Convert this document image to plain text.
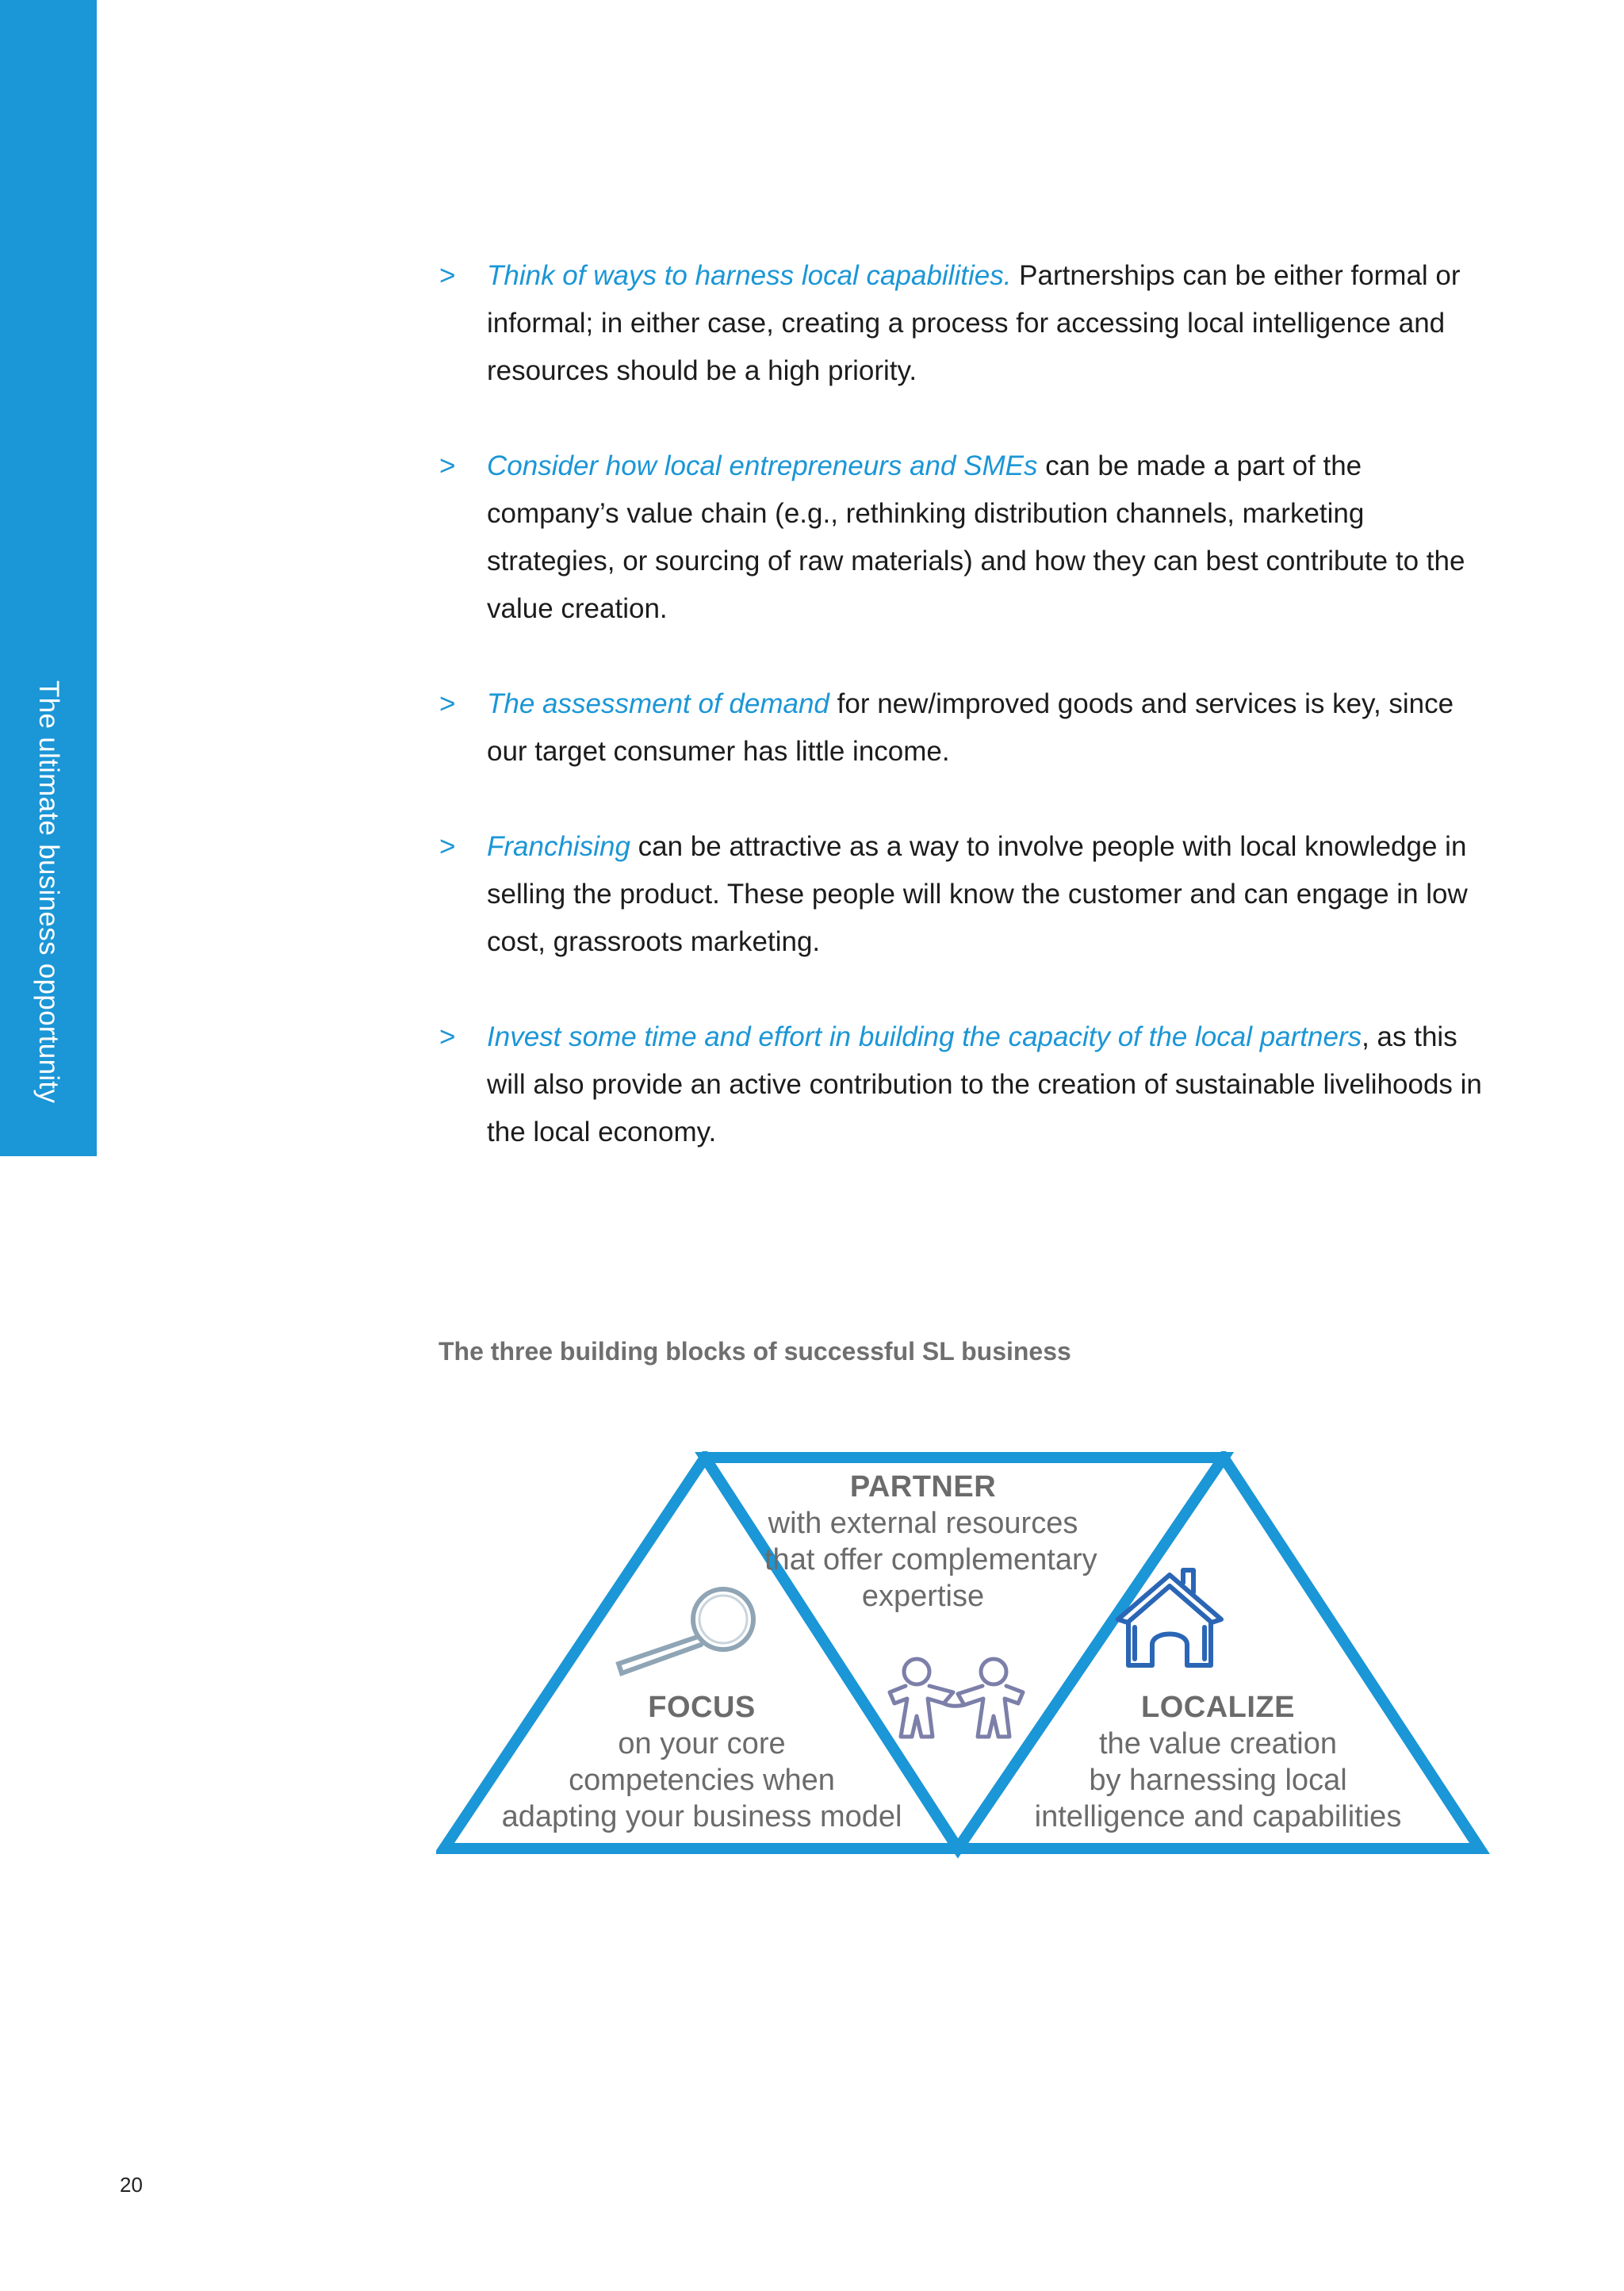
The ultimate business opportunity
> Think of ways to harness local capabilities. Partnerships can be either formal or informal; in either case, creating a process for accessing local intelligence and resources should be a high priority.
> Consider how local entrepreneurs and SMEs can be made a part of the company’s value chain (e.g., rethinking distribution channels, marketing strategies, or sourcing of raw materials) and how they can best contribute to the value creation.
> The assessment of demand for new/improved goods and services is key, since our target consumer has little income.
> Franchising can be attractive as a way to involve people with local knowledge in selling the product. These people will know the customer and can engage in low cost, grassroots marketing.
> Invest some time and effort in building the capacity of the local partners, as this will also provide an active contribution to the creation of sustainable livelihoods in the local economy.
The three building blocks of successful SL business
PARTNER
with external resources
that offer complementary
expertise
FOCUS
on your core
competencies when
adapting your business model
LOCALIZE
the value creation
by harnessing local
intelligence and capabilities
20
